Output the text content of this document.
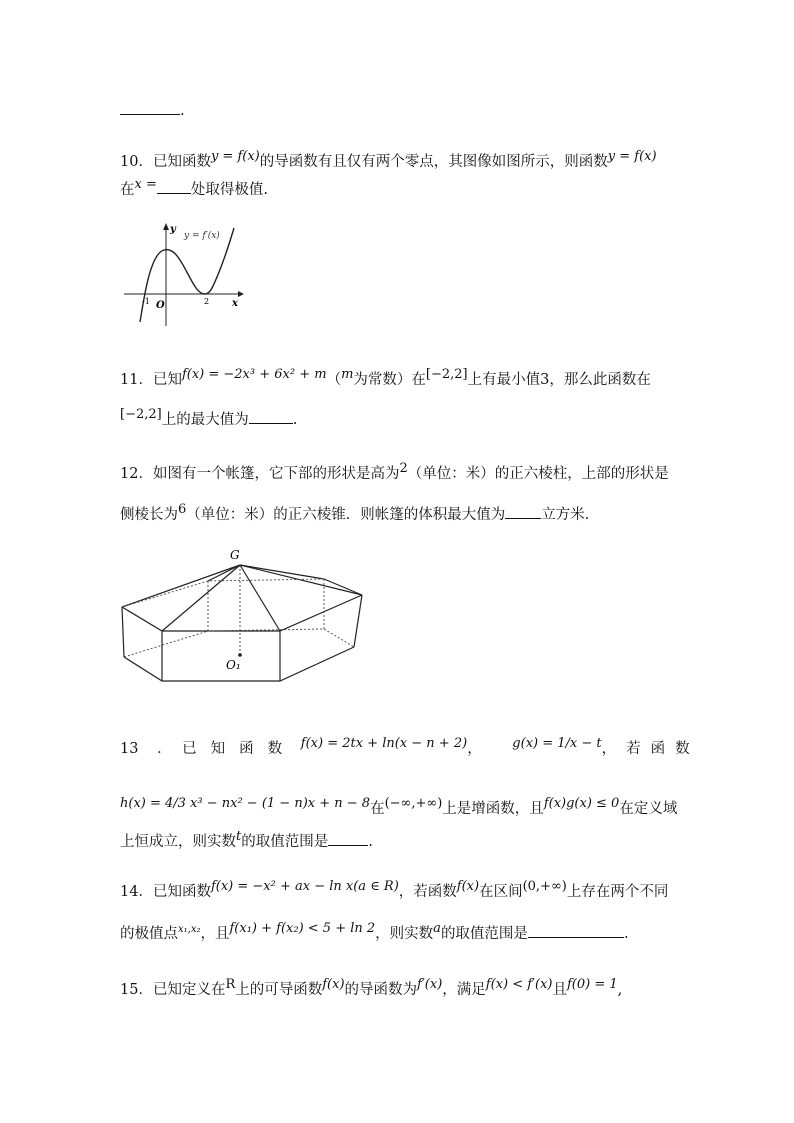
.
10．已知函数y = f(x)的导函数有且仅有两个零点，其图像如图所示，则函数y = f(x)
在x = 处取得极值.
y = f′(x)
y
x
O
-1	2
11．已知f(x) = −2x³ + 6x² + m（m为常数）在[−2,2]上有最小值3，那么此函数在
[−2,2]上的最大值为	.
12．如图有一个帐篷，它下部的形状是高为2（单位：米）的正六棱柱，上部的形状是
侧棱长为6（单位：米）的正六棱锥．则帐篷的体积最大值为 立方米．
G
O₁
13 ． 已知函数 f(x) = 2tx + ln(x − n + 2)， g(x) = 1/x − t，若函数
h(x) = 4/3 x³ − nx² − (1 − n)x + n − 8在(−∞,+∞)上是增函数，且f(x)g(x) ≤ 0在定义域
上恒成立，则实数t的取值范围是	.
14．已知函数f(x) = −x² + ax − ln x(a ∈ R)，若函数f(x)在区间(0,+∞)上存在两个不同
的极值点$^{x_1,x_2}$，且f(x₁) + f(x₂) < 5 + ln 2，则实数a的取值范围是	.
15．已知定义在R上的可导函数f(x)的导函数为f′(x)，满足f(x) < f′(x)且f(0) = 1,
